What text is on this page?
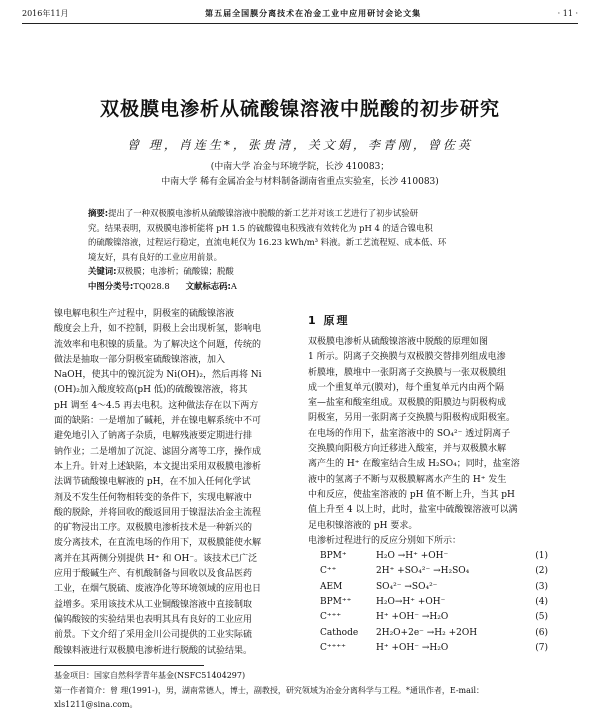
2016年11月	第五届全国膜分离技术在冶金工业中应用研讨会论文集	· 11 ·
双极膜电渗析从硫酸镍溶液中脱酸的初步研究
曾 理，肖连生*，张贵清，关文娟，李青刚，曾佐英
(中南大学 冶金与环境学院，长沙 410083；
中南大学 稀有金属冶金与材料制备湖南省重点实验室，长沙 410083)
摘要:提出了一种双极膜电渗析从硫酸镍溶液中脱酸的新工艺并对该工艺进行了初步试验研
究。结果表明，双极膜电渗析能将 pH 1.5 的硫酸镍电积残液有效转化为 pH 4 的适合镍电积
的硫酸镍溶液，过程运行稳定，直流电耗仅为 16.23 kWh/m³ 料液。新工艺流程短、成本低、环
境友好，具有良好的工业应用前景。
关键词:双极膜；电渗析；硫酸镍；脱酸
中图分类号:TQ028.8 文献标志码:A
镍电解电积生产过程中，阴极室的硫酸镍溶液
酸度会上升，如不控制，阴极上会出现析氢，影响电
流效率和电积镍的质量。为了解决这个问题，传统的
做法是抽取一部分阴极室硫酸镍溶液，加入
NaOH，使其中的镍沉淀为 Ni(OH)₂，然后再将 Ni
(OH)₂加入酸度较高(pH 低)的硫酸镍溶液，将其
pH 调至 4～4.5 再去电积。这种做法存在以下两方
面的缺陷：一是增加了碱耗，并在镍电解系统中不可
避免地引入了钠离子杂质，电解残液要定期进行排
钠作业；二是增加了沉淀、滤固分离等工序，操作成
本上升。针对上述缺陷，本文提出采用双极膜电渗析
法调节硫酸镍电解液的 pH，在不加入任何化学试
剂及不发生任何物相转变的条件下，实现电解液中
酸的脱除，并将回收的酸返回用于镍湿法冶金主流程
的矿物浸出工序。双极膜电渗析技术是一种新兴的
废分离技术，在直流电场的作用下，双极膜能使水解
离并在其两侧分别提供 H⁺ 和 OH⁻。该技术已广泛
应用于酸碱生产、有机酸制备与回收以及食品医药
工业，在烟气脱硫、废液净化等环境领域的应用也日
益增多。采用该技术从工业铜酸镍溶液中直接制取
偏钨酸铵的实验结果也表明其具有良好的工业应用
前景。下文介绍了采用金川公司提供的工业实际硫
酸镍料液进行双极膜电渗析进行脱酸的试验结果。
1 原理
双极膜电渗析从硫酸镍溶液中脱酸的原理如图
1 所示。阴离子交换膜与双极膜交替排列组成电渗
析膜堆，膜堆中一张阴离子交换膜与一张双极膜组
成一个重复单元(膜对)，每个重复单元内由两个隔
室—盐室和酸室组成。双极膜的阳膜边与阴极构成
阴极室，另用一张阴离子交换膜与阳极构成阳极室。
在电场的作用下，盐室溶液中的 SO₄²⁻ 透过阴离子
交换膜向阳极方向迁移进入酸室，并与双极膜水解
离产生的 H⁺ 在酸室结合生成 H₂SO₄；同时，盐室溶
液中的氢离子不断与双极膜解离水产生的 H⁺ 发生
中和反应，使盐室溶液的 pH 值不断上升，当其 pH
值上升至 4 以上时，此时，盐室中硫酸镍溶液可以满
足电积镍溶液的 pH 要求。
电渗析过程进行的反应分别如下所示：
BPM⁺	H₂O →H⁺ +OH⁻	(1)
C⁺⁺	2H⁺ +SO₄²⁻ →H₂SO₄	(2)
AEM	SO₄²⁻ →SO₄²⁻	(3)
BPM⁺⁺	H₂O→H⁺ +OH⁻	(4)
C⁺⁺⁺	H⁺ +OH⁻ →H₂O	(5)
Cathode 2H₂O+2e⁻ →H₂ +2OH	(6)
C⁺⁺⁺⁺	H⁺ +OH⁻ →H₂O	(7)
基金项目：国家自然科学青年基金(NSFC51404297)
第一作者简介：曾 理(1991-)，男，湖南常德人，博士，副教授，研究领域为冶金分离科学与工程。*通讯作者，E-mail：
xls1211@sina.com。
